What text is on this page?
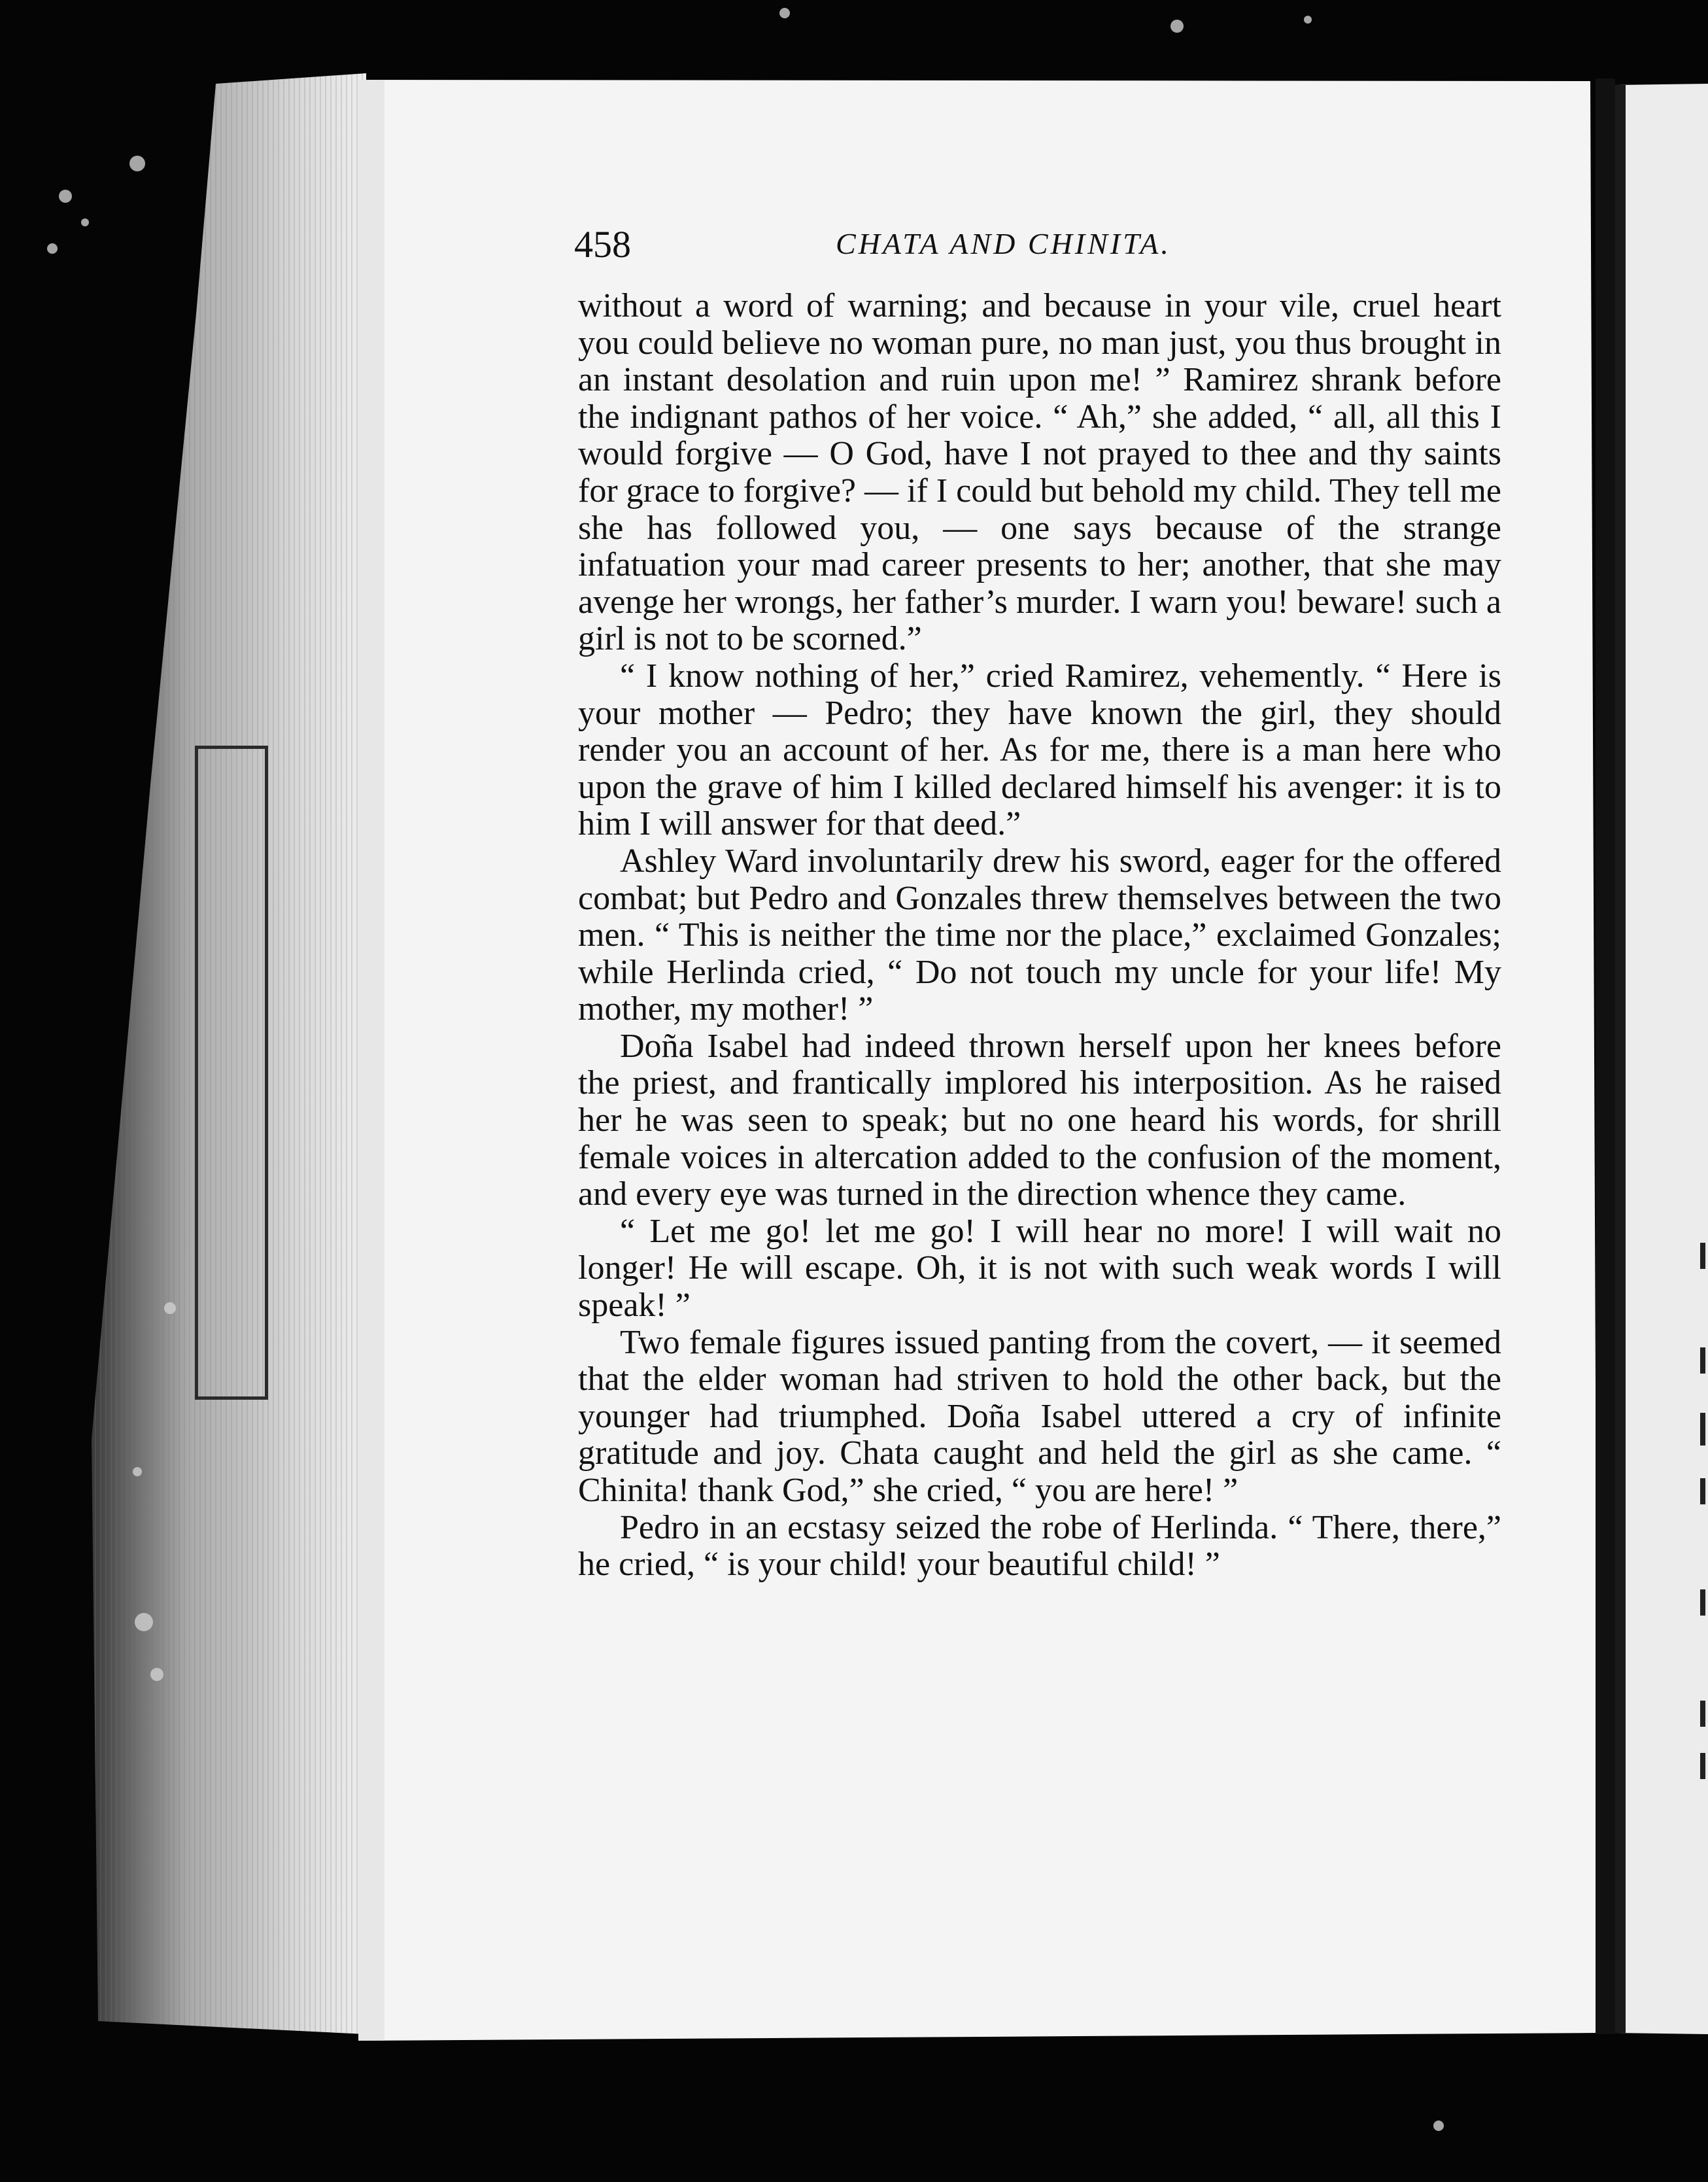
458	CHATA AND CHINITA.

without a word of warning; and because in your vile, cruel heart you could believe no woman pure, no man just, you thus brought in an instant desolation and ruin upon me! ” Ramirez shrank before the indignant pathos of her voice. “ Ah,” she added, “ all, all this I would forgive — O God, have I not prayed to thee and thy saints for grace to forgive? — if I could but behold my child. They tell me she has followed you, — one says because of the strange infatuation your mad career presents to her; another, that she may avenge her wrongs, her father’s murder. I warn you! beware! such a girl is not to be scorned.”

“ I know nothing of her,” cried Ramirez, vehemently. “ Here is your mother — Pedro; they have known the girl, they should render you an account of her. As for me, there is a man here who upon the grave of him I killed declared himself his avenger: it is to him I will answer for that deed.”

Ashley Ward involuntarily drew his sword, eager for the offered combat; but Pedro and Gonzales threw themselves between the two men. “ This is neither the time nor the place,” exclaimed Gonzales; while Herlinda cried, “ Do not touch my uncle for your life! My mother, my mother! ”

Doña Isabel had indeed thrown herself upon her knees before the priest, and frantically implored his interposition. As he raised her he was seen to speak; but no one heard his words, for shrill female voices in altercation added to the confusion of the moment, and every eye was turned in the direction whence they came.

“ Let me go! let me go! I will hear no more! I will wait no longer! He will escape. Oh, it is not with such weak words I will speak! ”

Two female figures issued panting from the covert, — it seemed that the elder woman had striven to hold the other back, but the younger had triumphed. Doña Isabel uttered a cry of infinite gratitude and joy. Chata caught and held the girl as she came. “ Chinita! thank God,” she cried, “ you are here! ”

Pedro in an ecstasy seized the robe of Herlinda. “ There, there,” he cried, “ is your child! your beautiful child! ”
